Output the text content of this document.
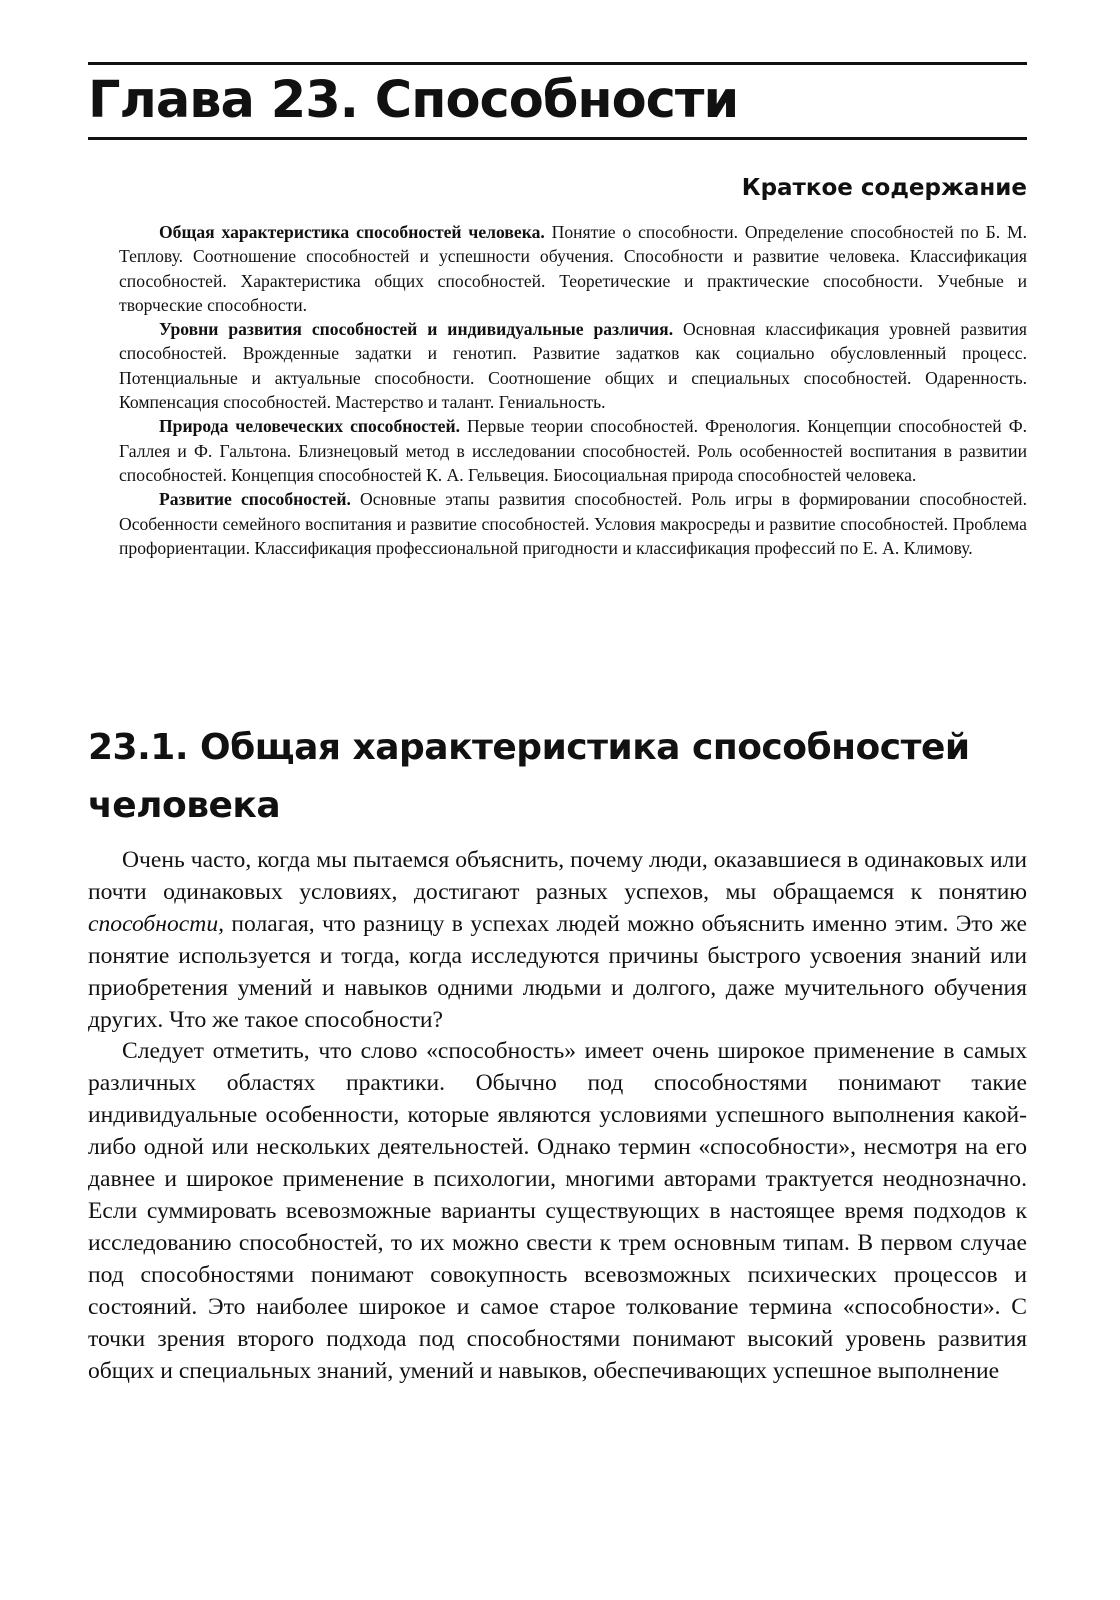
Глава 23. Способности
Краткое содержание

Общая характеристика способностей человека. Понятие о способности. Определение способностей по Б. М. Теплову. Соотношение способностей и успешности обучения. Способности и развитие человека. Классификация способностей. Характеристика общих способностей. Теоретические и практические способности. Учебные и творческие способности.

Уровни развития способностей и индивидуальные различия. Основная классификация уровней развития способностей. Врожденные задатки и генотип. Развитие задатков как социально обусловленный процесс. Потенциальные и актуальные способности. Соотношение общих и специальных способностей. Одаренность. Компенсация способностей. Мастерство и талант. Гениальность.

Природа человеческих способностей. Первые теории способностей. Френология. Концепции способностей Ф. Галлея и Ф. Гальтона. Близнецовый метод в исследовании способностей. Роль особенностей воспитания в развитии способностей. Концепция способностей К. А. Гельвеция. Биосоциальная природа способностей человека.

Развитие способностей. Основные этапы развития способностей. Роль игры в формировании способностей. Особенности семейного воспитания и развитие способностей. Условия макросреды и развитие способностей. Проблема профориентации. Классификация профессиональной пригодности и классификация профессий по Е. А. Климову.

23.1. Общая характеристика способностей человека

Очень часто, когда мы пытаемся объяснить, почему люди, оказавшиеся в одинаковых или почти одинаковых условиях, достигают разных успехов, мы обращаемся к понятию способности, полагая, что разницу в успехах людей можно объяснить именно этим. Это же понятие используется и тогда, когда исследуются причины быстрого усвоения знаний или приобретения умений и навыков одними людьми и долгого, даже мучительного обучения других. Что же такое способности?

Следует отметить, что слово «способность» имеет очень широкое применение в самых различных областях практики. Обычно под способностями понимают такие индивидуальные особенности, которые являются условиями успешного выполнения какой-либо одной или нескольких деятельностей. Однако термин «способности», несмотря на его давнее и широкое применение в психологии, многими авторами трактуется неоднозначно. Если суммировать всевозможные варианты существующих в настоящее время подходов к исследованию способностей, то их можно свести к трем основным типам. В первом случае под способностями понимают совокупность всевозможных психических процессов и состояний. Это наиболее широкое и самое старое толкование термина «способности». С точки зрения второго подхода под способностями понимают высокий уровень развития общих и специальных знаний, умений и навыков, обеспечивающих успешное выполнение
